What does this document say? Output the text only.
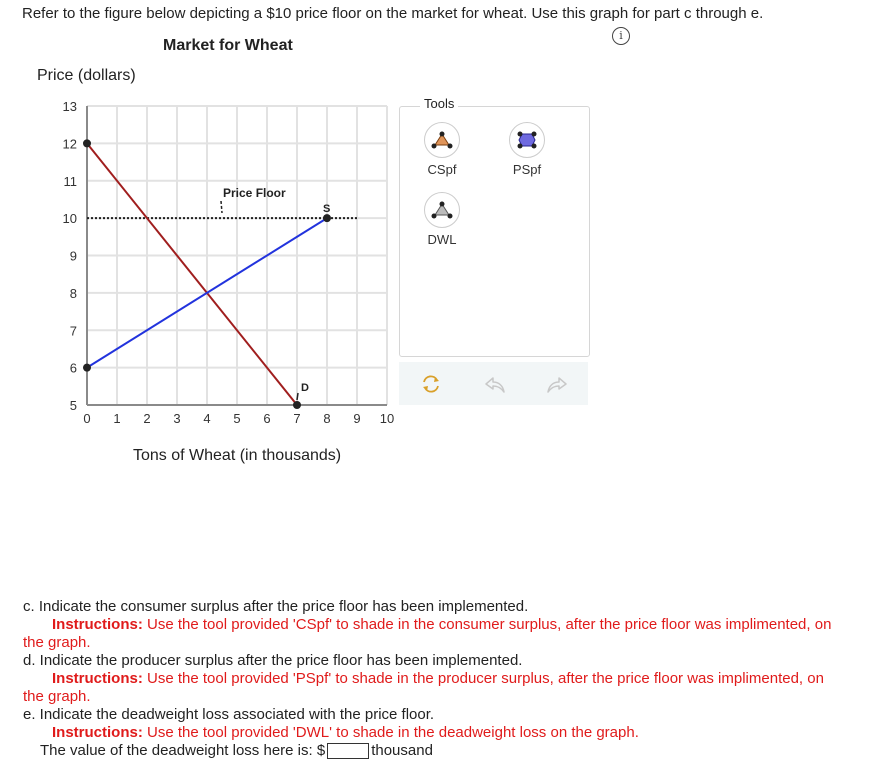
Refer to the figure below depicting a $10 price floor on the market for wheat. Use this graph for part c through e.
i
Market for Wheat
Price (dollars)
0 1 2 3 4 5 6 7 8 9 10
5
6
7
8
9
10
11
12
13
Price Floor
S
D
Tons of Wheat (in thousands)
CSpf	PSpf
DWL
Tools
c. Indicate the consumer surplus after the price floor has been implemented.
Instructions: Use the tool provided 'CSpf' to shade in the consumer surplus, after the price floor was implimented, on
the graph.
d. Indicate the producer surplus after the price floor has been implemented.
Instructions: Use the tool provided 'PSpf' to shade in the producer surplus, after the price floor was implimented, on
the graph.
e. Indicate the deadweight loss associated with the price floor.
Instructions: Use the tool provided 'DWL' to shade in the deadweight loss on the graph.
The value of the deadweight loss here is: $	thousand
